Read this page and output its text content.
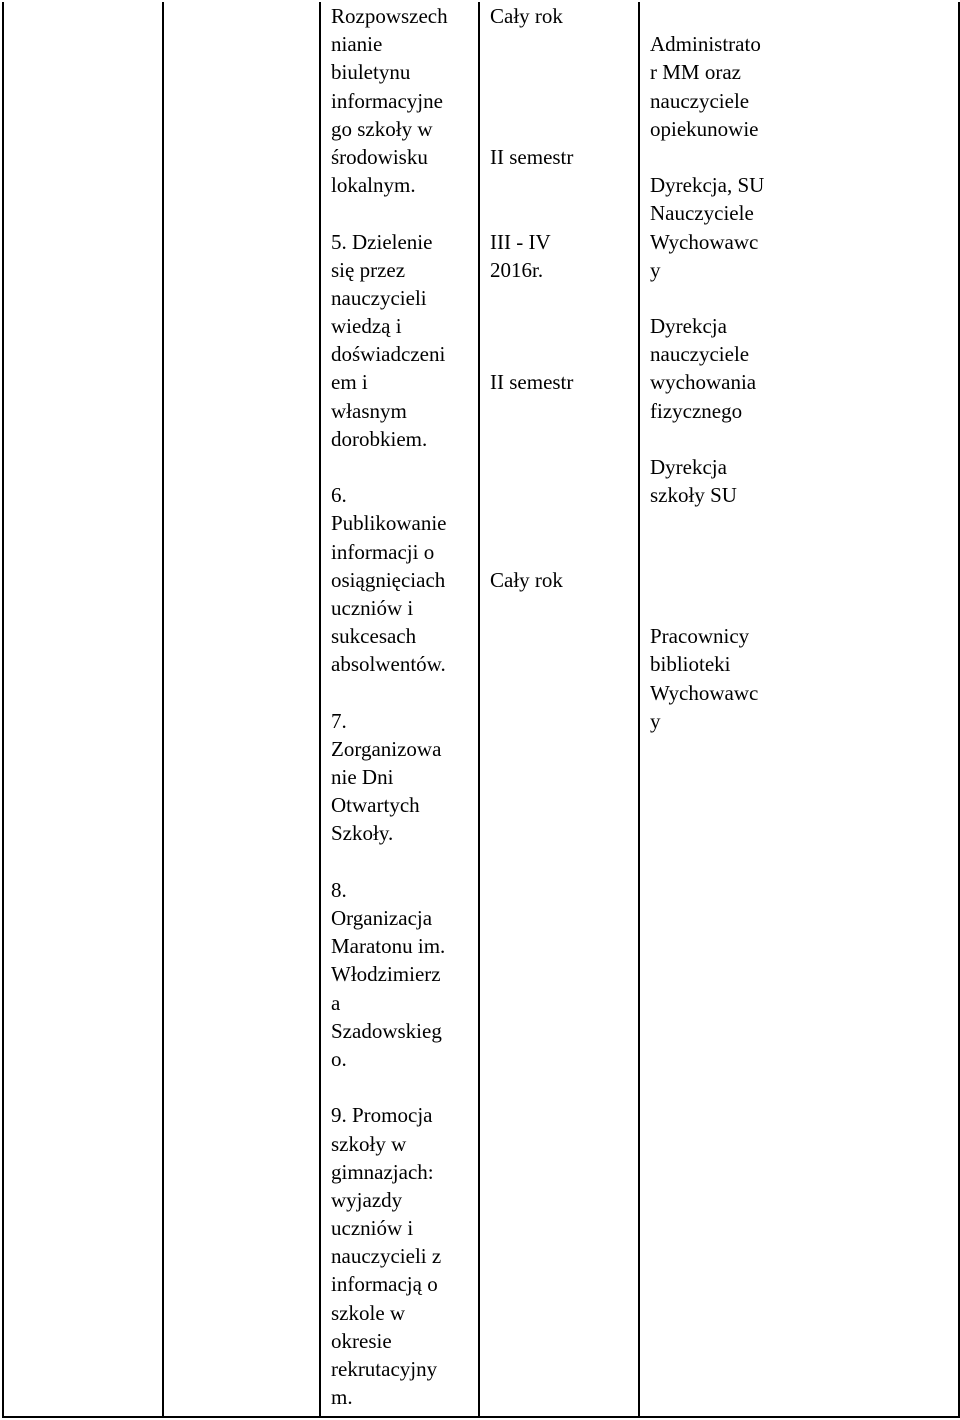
Rozpowszech
nianie
biuletynu
informacyjne
go szkoły w
środowisku
lokalnym.
5. Dzielenie
się przez
nauczycieli
wiedzą i
doświadczeni
em i
własnym
dorobkiem.
6.
Publikowanie
informacji o
osiągnięciach
uczniów i
sukcesach
absolwentów.
7.
Zorganizowa
nie Dni
Otwartych
Szkoły.
8.
Organizacja
Maratonu im.
Włodzimierz
a
Szadowskieg
o.
9. Promocja
szkoły w
gimnazjach:
wyjazdy
uczniów i
nauczycieli z
informacją o
szkole w
okresie
rekrutacyjny
m.
Cały rok
II semestr
III - IV
2016r.
II semestr
Cały rok
Administrato
r MM oraz
nauczyciele
opiekunowie
Dyrekcja, SU
Nauczyciele
Wychowawc
y
Dyrekcja
nauczyciele
wychowania
fizycznego
Dyrekcja
szkoły SU
Pracownicy
biblioteki
Wychowawc
y
